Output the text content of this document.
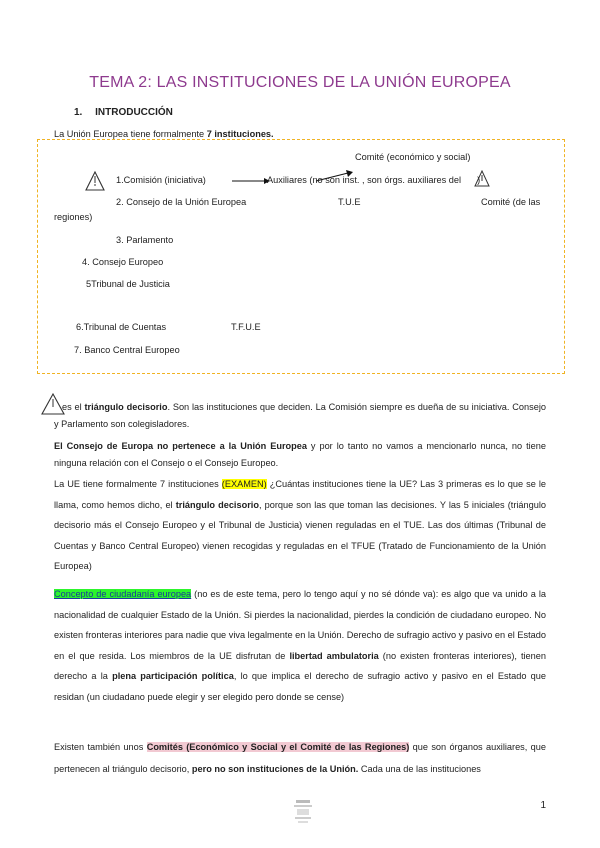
TEMA 2: LAS INSTITUCIONES DE LA UNIÓN EUROPEA
1. INTRODUCCIÓN
La Unión Europea tiene formalmente 7 instituciones.
Comité (económico y social)
1.Comisión (iniciativa)	Auxiliares (no son inst. , son órgs. auxiliares del )
2. Consejo de la Unión Europea	T.U.E	Comité (de las
regiones)
3. Parlamento
4. Consejo Europeo
5Tribunal de Justicia
6.Tribunal de Cuentas	T.F.U.E
7. Banco Central Europeo
es el triángulo decisorio. Son las instituciones que deciden. La Comisión siempre es dueña de su iniciativa. Consejo y Parlamento son colegisladores.
El Consejo de Europa no pertenece a la Unión Europea y por lo tanto no vamos a mencionarlo nunca, no tiene ninguna relación con el Consejo o el Consejo Europeo.
La UE tiene formalmente 7 instituciones (EXAMEN) ¿Cuántas instituciones tiene la UE? Las 3 primeras es lo que se le llama, como hemos dicho, el triángulo decisorio, porque son las que toman las decisiones. Y las 5 iniciales (triángulo decisorio más el Consejo Europeo y el Tribunal de Justicia) vienen reguladas en el TUE. Las dos últimas (Tribunal de Cuentas y Banco Central Europeo) vienen recogidas y reguladas en el TFUE (Tratado de Funcionamiento de la Unión Europea)
Concepto de ciudadanía europea (no es de este tema, pero lo tengo aquí y no sé dónde va): es algo que va unido a la nacionalidad de cualquier Estado de la Unión. Si pierdes la nacionalidad, pierdes la condición de ciudadano europeo. No existen fronteras interiores para nadie que viva legalmente en la Unión. Derecho de sufragio activo y pasivo en el Estado en el que resida. Los miembros de la UE disfrutan de libertad ambulatoria (no existen fronteras interiores), tienen derecho a la plena participación política, lo que implica el derecho de sufragio activo y pasivo en el Estado que residan (un ciudadano puede elegir y ser elegido pero donde se cense)
Existen también unos Comités (Económico y Social y el Comité de las Regiones) que son órganos auxiliares, que pertenecen al triángulo decisorio, pero no son instituciones de la Unión. Cada una de las instituciones
1
